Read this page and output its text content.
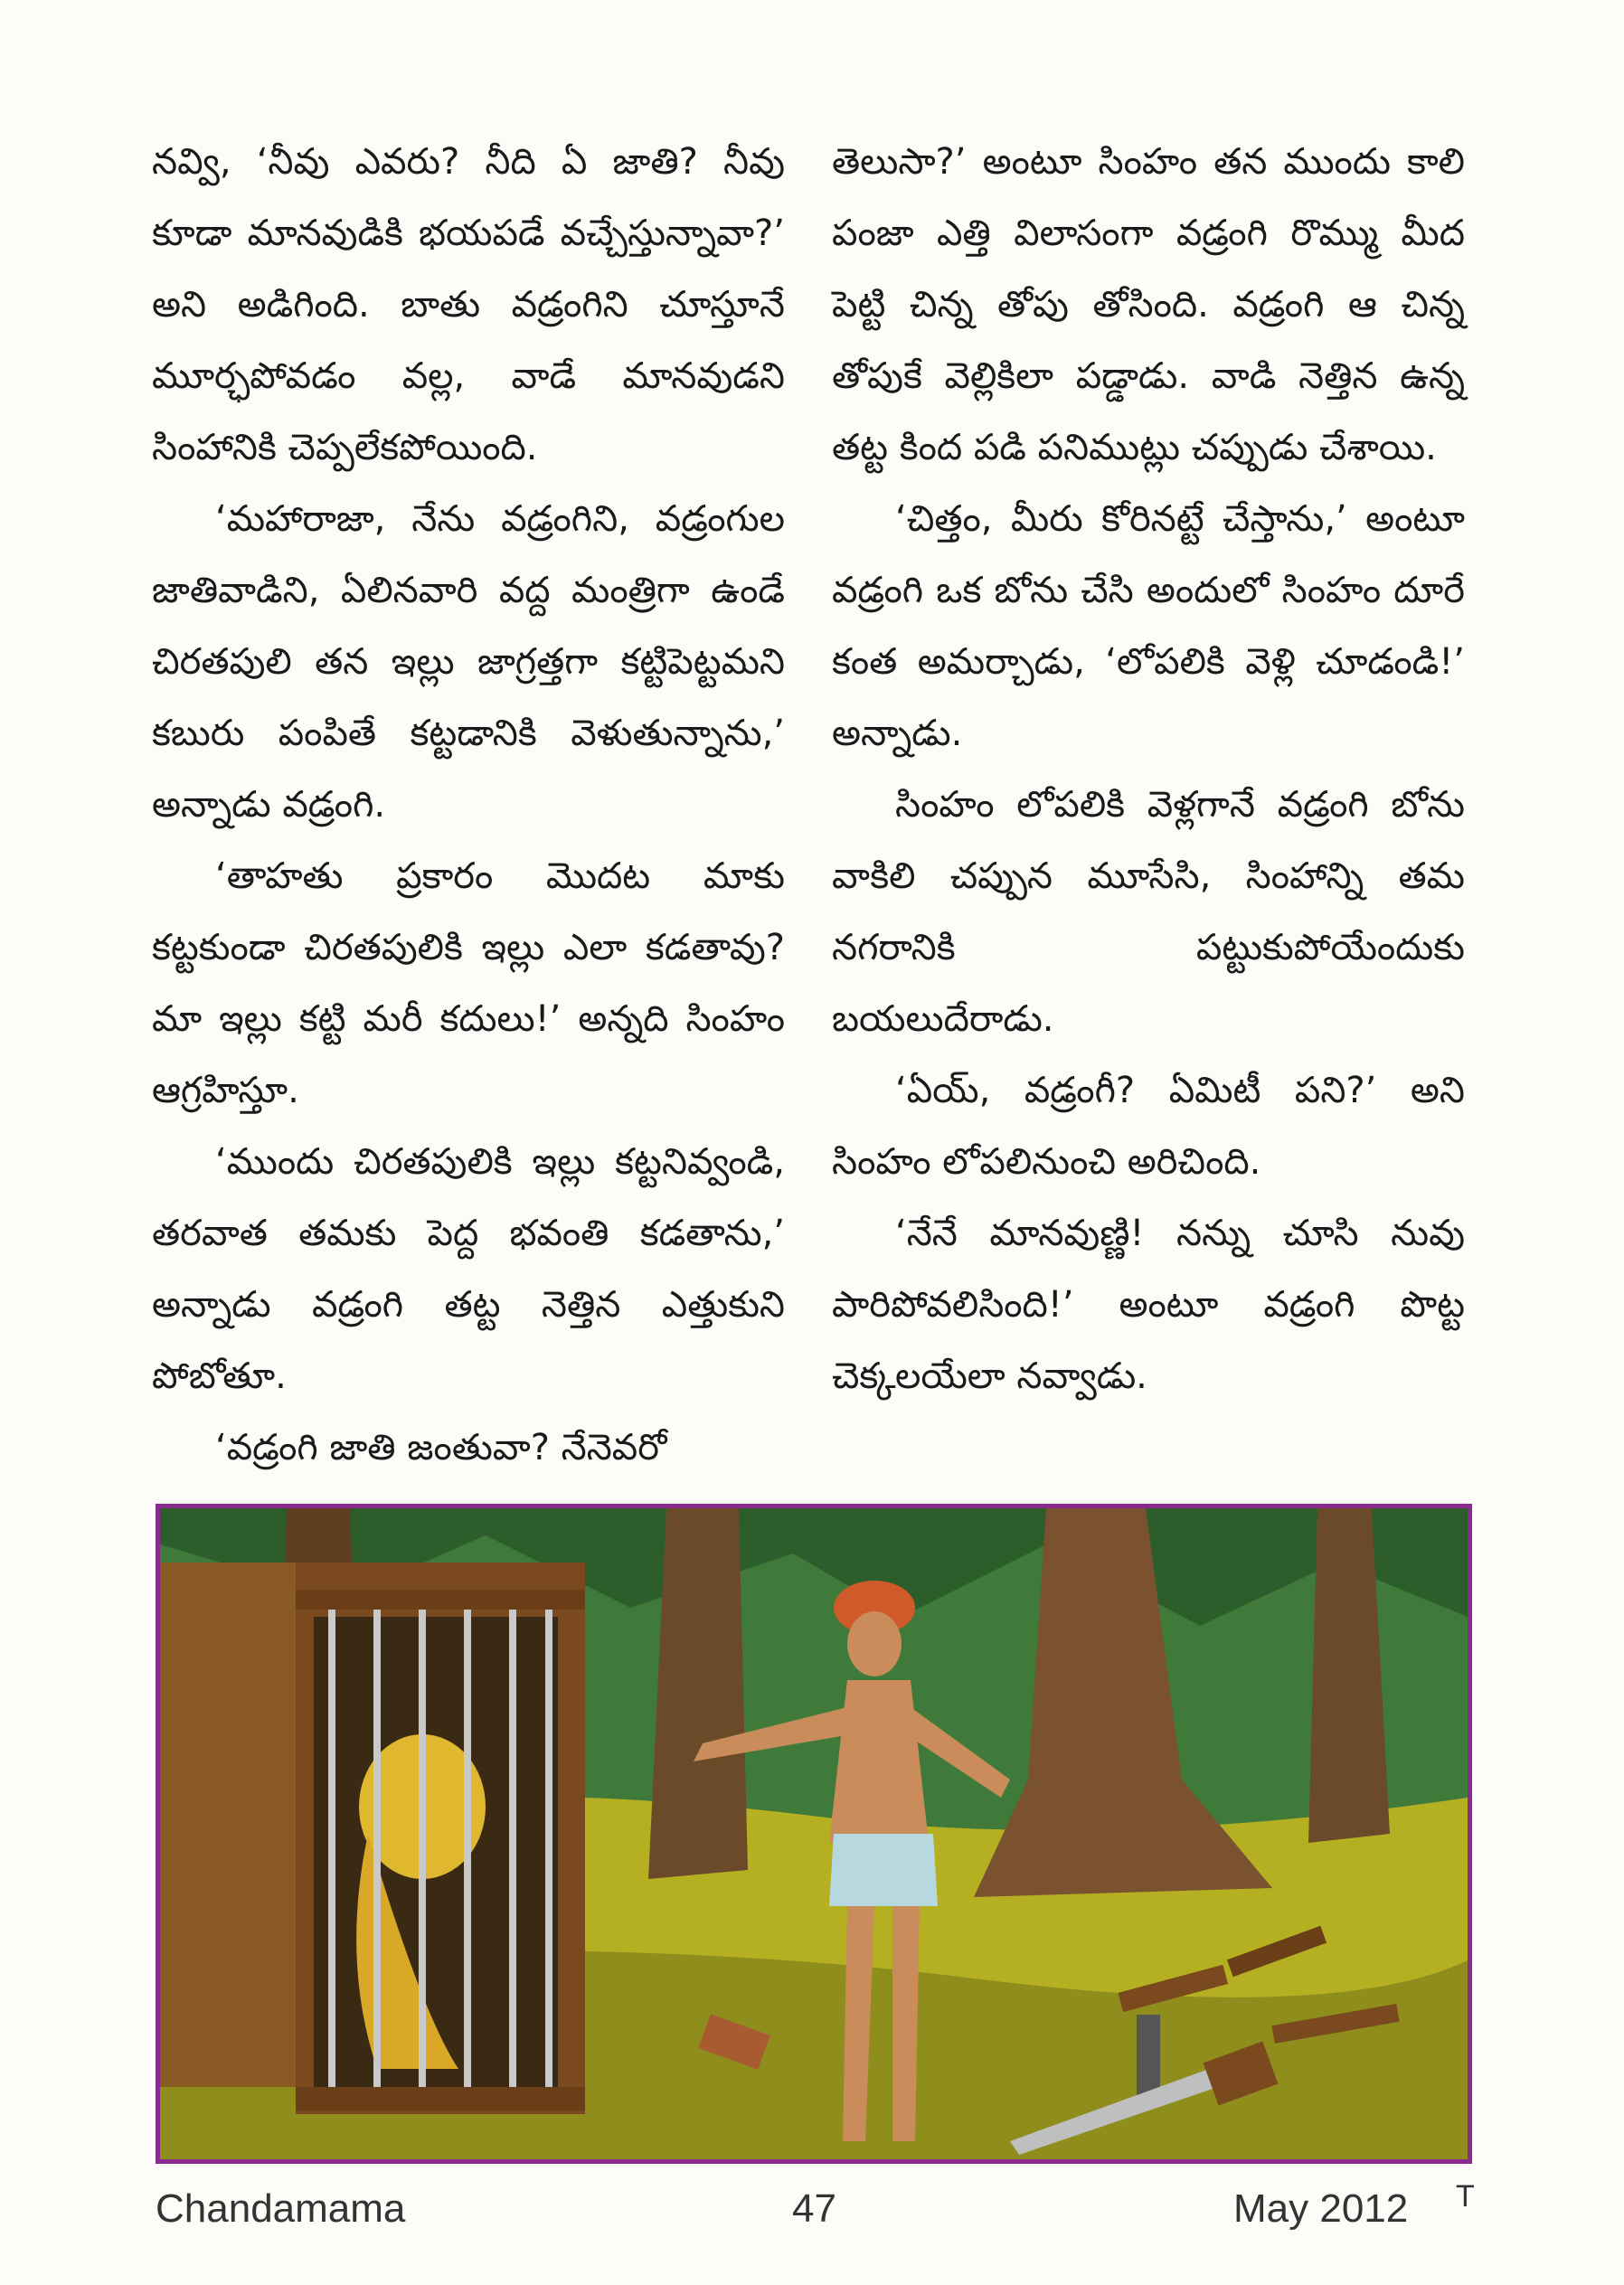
నవ్వి, ‘నీవు ఎవరు? నీది ఏ జాతి? నీవు కూడా మానవుడికి భయపడే వచ్చేస్తున్నావా?’ అని అడిగింది. బాతు వడ్రంగిని చూస్తూనే మూర్ఛపోవడం వల్ల, వాడే మానవుడని సింహానికి చెప్పలేకపోయింది.

‘మహారాజా, నేను వడ్రంగిని, వడ్రంగుల జాతివాడిని, ఏలినవారి వద్ద మంత్రిగా ఉండే చిరతపులి తన ఇల్లు జాగ్రత్తగా కట్టిపెట్టమని కబురు పంపితే కట్టడానికి వెళుతున్నాను,’ అన్నాడు వడ్రంగి.

‘తాహతు ప్రకారం మొదట మాకు కట్టకుండా చిరతపులికి ఇల్లు ఎలా కడతావు? మా ఇల్లు కట్టి మరీ కదులు!’ అన్నది సింహం ఆగ్రహిస్తూ.

‘ముందు చిరతపులికి ఇల్లు కట్టనివ్వండి, తరవాత తమకు పెద్ద భవంతి కడతాను,’ అన్నాడు వడ్రంగి తట్ట నెత్తిన ఎత్తుకుని పోబోతూ.

‘వడ్రంగి జాతి జంతువా? నేనెవరో

తెలుసా?’ అంటూ సింహం తన ముందు కాలి పంజా ఎత్తి విలాసంగా వడ్రంగి రొమ్ము మీద పెట్టి చిన్న తోపు తోసింది. వడ్రంగి ఆ చిన్న తోపుకే వెల్లికిలా పడ్డాడు. వాడి నెత్తిన ఉన్న తట్ట కింద పడి పనిముట్లు చప్పుడు చేశాయి.

‘చిత్తం, మీరు కోరినట్టే చేస్తాను,’ అంటూ వడ్రంగి ఒక బోను చేసి అందులో సింహం దూరే కంత అమర్చాడు, ‘లోపలికి వెళ్లి చూడండి!’ అన్నాడు.

సింహం లోపలికి వెళ్లగానే వడ్రంగి బోను వాకిలి చప్పున మూసేసి, సింహాన్ని తమ నగరానికి పట్టుకుపోయేందుకు బయలుదేరాడు.

‘ఏయ్, వడ్రంగీ? ఏమిటీ పని?’ అని సింహం లోపలినుంచి అరిచింది.

‘నేనే మానవుణ్ణి! నన్ను చూసి నువు పారిపోవలిసింది!’ అంటూ వడ్రంగి పొట్ట చెక్కలయేలా నవ్వాడు.

Chandamama	47	May 2012 T
